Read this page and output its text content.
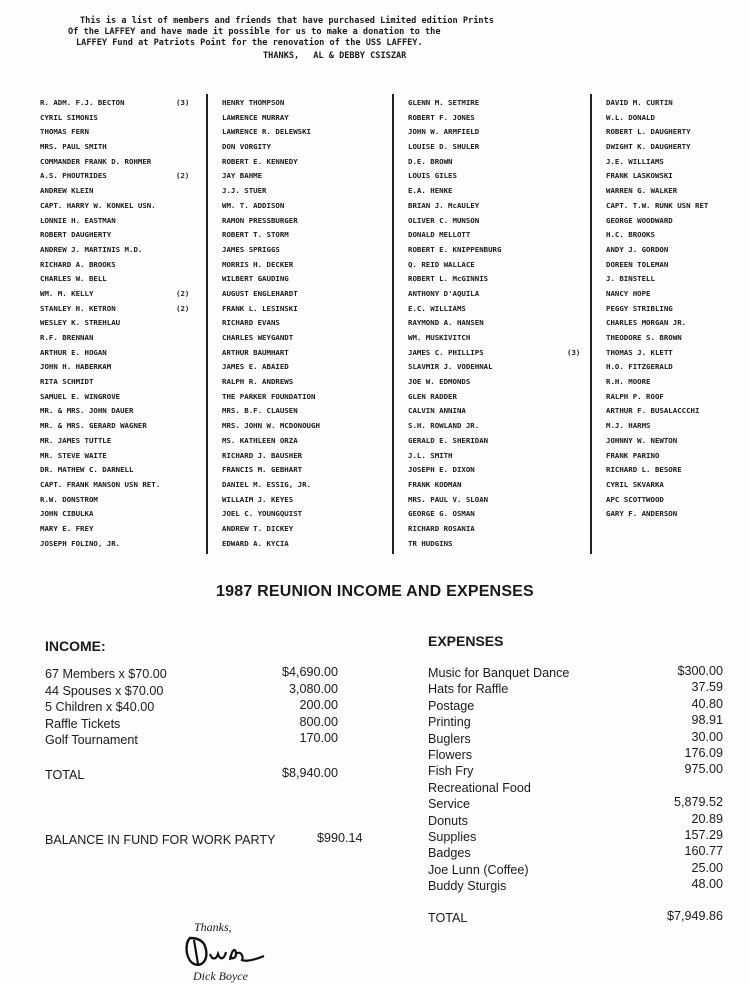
This is a list of members and friends that have purchased Limited edition Prints
Of the LAFFEY and have made it possible for us to make a donation to the
LAFFEY Fund at Patriots Point for the renovation of the USS LAFFEY.
THANKS, AL & DEBBY CSISZAR
R. ADM. F.J. BECTON	(3)
CYRIL SIMONIS
THOMAS FERN
MRS. PAUL SMITH
COMMANDER FRANK D. ROHMER
A.S. PHOUTRIDES	(2)
ANDREW KLEIN
CAPT. HARRY W. KONKEL USN.
LONNIE H. EASTMAN
ROBERT DAUGHERTY
ANDREW J. MARTINIS M.D.
RICHARD A. BROOKS
CHARLES W. BELL
WM. M. KELLY	(2)
STANLEY H. KETRON	(2)
WESLEY K. STREHLAU
R.F. BRENNAN
ARTHUR E. HOGAN
JOHN H. HABERKAM
RITA SCHMIDT
SAMUEL E. WINGROVE
MR. & MRS. JOHN DAUER
MR. & MRS. GERARD WAGNER
MR. JAMES TUTTLE
MR. STEVE WAITE
DR. MATHEW C. DARNELL
CAPT. FRANK MANSON USN RET.
R.W. DONSTROM
JOHN CIBULKA
MARY E. FREY
JOSEPH FOLINO, JR.
HENRY THOMPSON
LAWRENCE MURRAY
LAWRENCE R. DELEWSKI
DON VORGITY
ROBERT E. KENNEDY
JAY BAHME
J.J. STUER
WM. T. ADDISON
RAMON PRESSBURGER
ROBERT T. STORM
JAMES SPRIGGS
MORRIS H. DECKER
WILBERT GAUDING
AUGUST ENGLEHARDT
FRANK L. LESINSKI
RICHARD EVANS
CHARLES WEYGANDT
ARTHUR BAUMHART
JAMES E. ABAIED
RALPH R. ANDREWS
THE PARKER FOUNDATION
MRS. B.F. CLAUSEN
MRS. JOHN W. MCDONOUGH
MS. KATHLEEN ORZA
RICHARD J. BAUSHER
FRANCIS M. GEBHART
DANIEL M. ESSIG, JR.
WILLAIM J. KEYES
JOEL C. YOUNGQUIST
ANDREW T. DICKEY
EDWARD A. KYCIA
GLENN M. SETMIRE
ROBERT F. JONES
JOHN W. ARMFIELD
LOUISE D. SHULER
D.E. BROWN
LOUIS GILES
E.A. HENKE
BRIAN J. McAULEY
OLIVER C. MUNSON
DONALD MELLOTT
ROBERT E. KNIPPENBURG
Q. REID WALLACE
ROBERT L. McGINNIS
ANTHONY D'AQUILA
E.C. WILLIAMS
RAYMOND A. HANSEN
WM. MUSKIVITCH
JAMES C. PHILLIPS	(3)
SLAVMIR J. VODEHNAL
JOE W. EDMONDS
GLEN RADDER
CALVIN ANNINA
S.H. ROWLAND JR.
GERALD E. SHERIDAN
J.L. SMITH
JOSEPH E. DIXON
FRANK KODMAN
MRS. PAUL V. SLOAN
GEORGE G. OSMAN
RICHARD ROSANIA
TR HUDGINS
DAVID M. CURTIN
W.L. DONALD
ROBERT L. DAUGHERTY
DWIGHT K. DAUGHERTY
J.E. WILLIAMS
FRANK LASKOWSKI
WARREN G. WALKER
CAPT. T.W. RUNK USN RET
GEORGE WOODWARD
H.C. BROOKS
ANDY J. GORDON
DOREEN TOLEMAN
J. BINSTELL
NANCY HOPE
PEGGY STRIBLING
CHARLES MORGAN JR.
THEODORE S. BROWN
THOMAS J. KLETT
H.O. FITZGERALD
R.H. MOORE
RALPH P. ROOF
ARTHUR F. BUSALACCCHI
M.J. HARMS
JOHNNY W. NEWTON
FRANK PARINO
RICHARD L. BESORE
CYRIL SKVARKA
APC SCOTTWOOD
GARY F. ANDERSON
1987 REUNION INCOME AND EXPENSES
INCOME:
67 Members x $70.00	$4,690.00
44 Spouses x $70.00	3,080.00
5 Children x $40.00	200.00
Raffle Tickets	800.00
Golf Tournament	170.00
TOTAL	$8,940.00
BALANCE IN FUND FOR WORK PARTY	$990.14
EXPENSES
Music for Banquet Dance	$300.00
Hats for Raffle	37.59
Postage	40.80
Printing	98.91
Buglers	30.00
Flowers	176.09
Fish Fry	975.00
Recreational Food
Service	5,879.52
Donuts	20.89
Supplies	157.29
Badges	160.77
Joe Lunn (Coffee)	25.00
Buddy Sturgis	48.00
TOTAL	$7,949.86
Thanks,
Dick Boyce
